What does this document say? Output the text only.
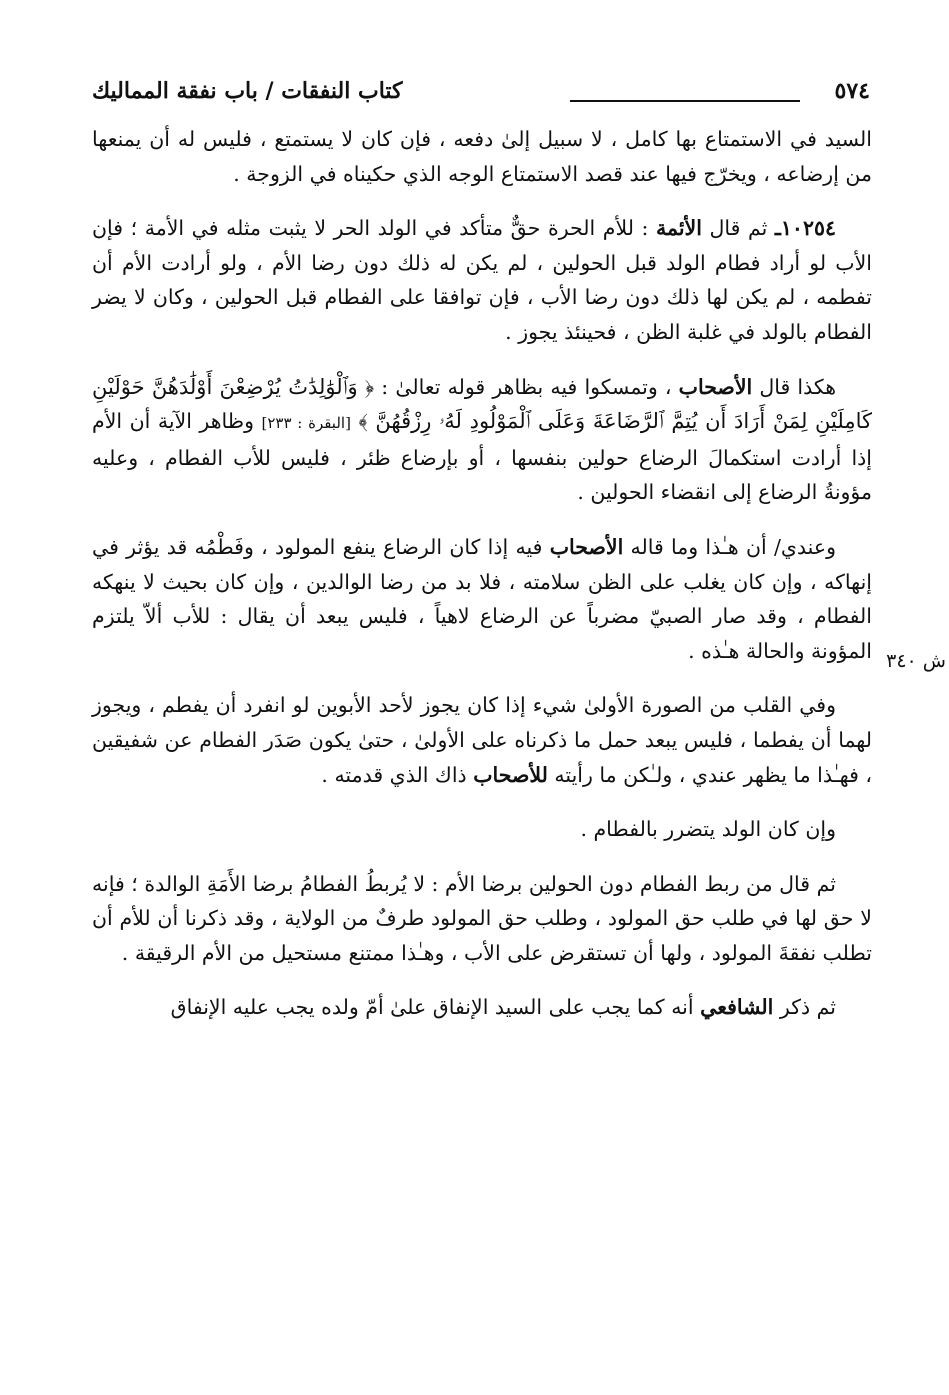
٥٧٤
كتاب النفقات / باب نفقة المماليك
ش ٣٤٠

السيد في الاستمتاع بها كامل ، لا سبيل إلىٰ دفعه ، فإن كان لا يستمتع ، فليس له أن يمنعها من إرضاعه ، ويخرّج فيها عند قصد الاستمتاع الوجه الذي حكيناه في الزوجة .

١٠٢٥٤ـ ثم قال الأئمة : للأم الحرة حقٌّ متأكد في الولد الحر لا يثبت مثله في الأمة ؛ فإن الأب لو أراد فطام الولد قبل الحولين ، لم يكن له ذلك دون رضا الأم ، ولو أرادت الأم أن تفطمه ، لم يكن لها ذلك دون رضا الأب ، فإن توافقا على الفطام قبل الحولين ، وكان لا يضر الفطام بالولد في غلبة الظن ، فحينئذ يجوز .

هكذا قال الأصحاب ، وتمسكوا فيه بظاهر قوله تعالىٰ : ﴿ وَٱلْوَٰلِدَٰتُ يُرْضِعْنَ أَوْلَٰدَهُنَّ حَوْلَيْنِ كَامِلَيْنِ لِمَنْ أَرَادَ أَن يُتِمَّ ٱلرَّضَاعَةَ وَعَلَى ٱلْمَوْلُودِ لَهُۥ رِزْقُهُنَّ ﴾ [البقرة : ٢٣٣] وظاهر الآية أن الأم إذا أرادت استكمالَ الرضاع حولين بنفسها ، أو بإرضاع ظئر ، فليس للأب الفطام ، وعليه مؤونةُ الرضاع إلى انقضاء الحولين .

وعندي/ أن هـٰذا وما قاله الأصحاب فيه إذا كان الرضاع ينفع المولود ، وفَطْمُه قد يؤثر في إنهاكه ، وإن كان يغلب على الظن سلامته ، فلا بد من رضا الوالدين ، وإن كان بحيث لا ينهكه الفطام ، وقد صار الصبيّ مضرباً عن الرضاع لاهياً ، فليس يبعد أن يقال : للأب ألاّ يلتزم المؤونة والحالة هـٰذه .

وفي القلب من الصورة الأولىٰ شيء إذا كان يجوز لأحد الأبوين لو انفرد أن يفطم ، ويجوز لهما أن يفطما ، فليس يبعد حمل ما ذكرناه على الأولىٰ ، حتىٰ يكون صَدَر الفطام عن شفيقين ، فهـٰذا ما يظهر عندي ، ولـٰكن ما رأيته للأصحاب ذاك الذي قدمته .

وإن كان الولد يتضرر بالفطام .

ثم قال من ربط الفطام دون الحولين برضا الأم : لا يُربطُ الفطامُ برضا الأَمَةِ الوالدة ؛ فإنه لا حق لها في طلب حق المولود ، وطلب حق المولود طرفٌ من الولاية ، وقد ذكرنا أن للأم أن تطلب نفقةَ المولود ، ولها أن تستقرض على الأب ، وهـٰذا ممتنع مستحيل من الأم الرقيقة .

ثم ذكر الشافعي أنه كما يجب على السيد الإنفاق علىٰ أمّ ولده يجب عليه الإنفاق
